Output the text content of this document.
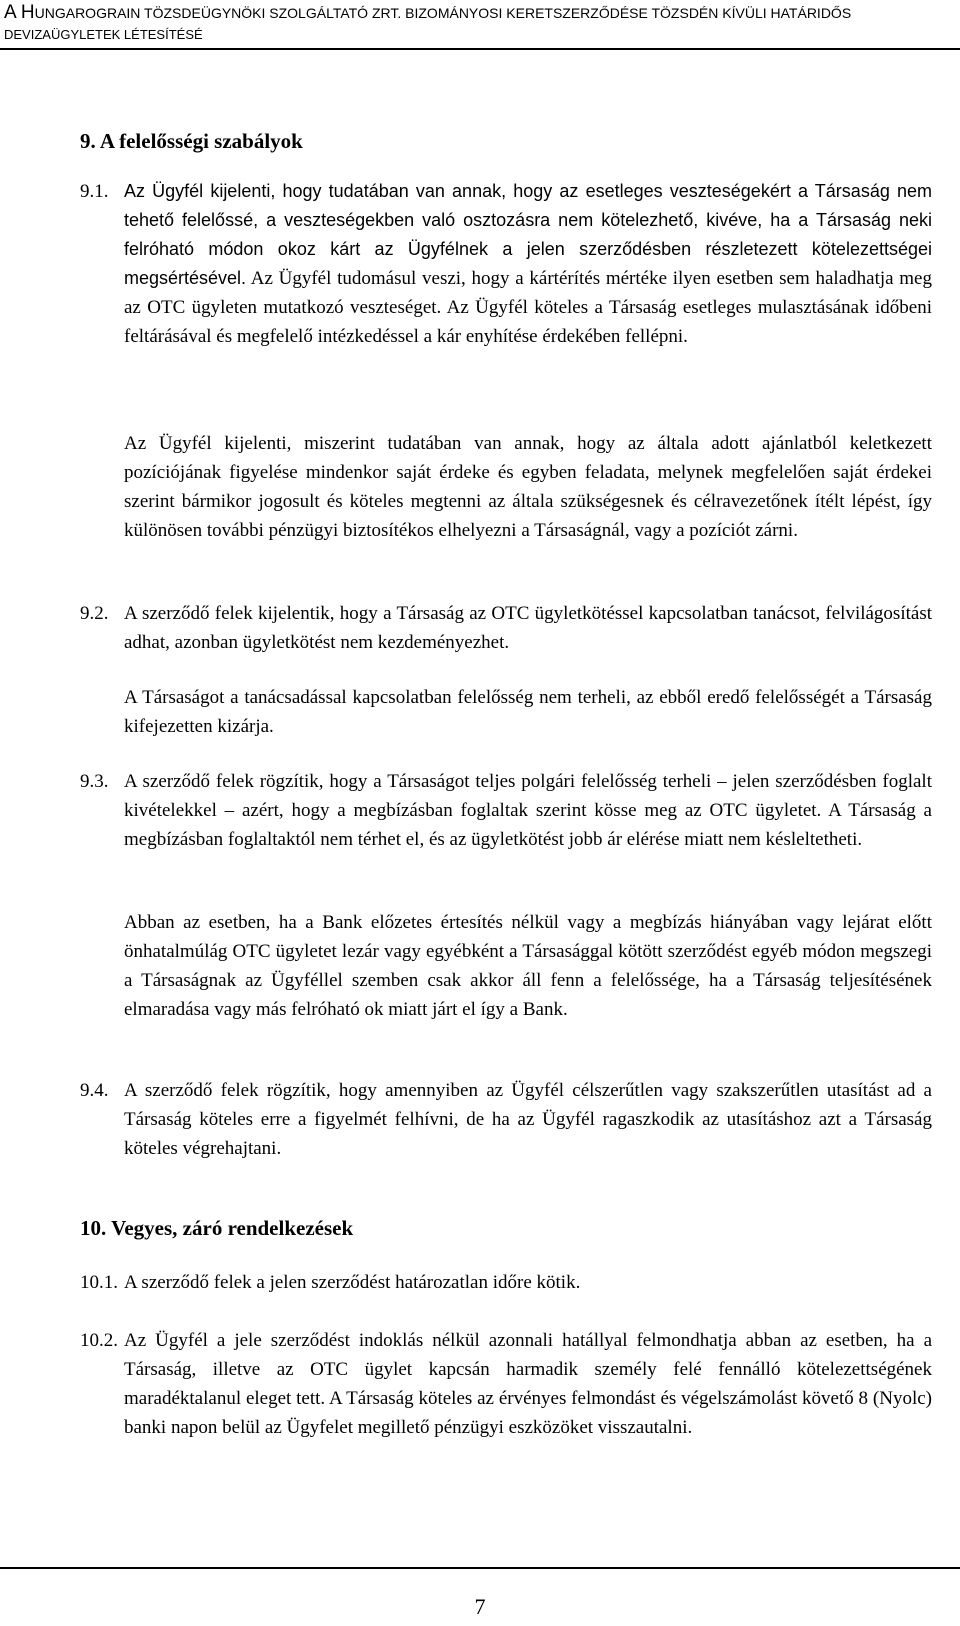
A HUNGAROGRAIN TÖZSDEÜGYNÖKI SZOLGÁLTATÓ ZRT. BIZOMÁNYOSI KERETSZERZŐDÉSE TÖZSDÉN KÍVÜLI HATÁRIDŐS
DEVIZAÜGYLETEK LÉTESÍTÉSÉ
9. A felelősségi szabályok
9.1. Az Ügyfél kijelenti, hogy tudatában van annak, hogy az esetleges veszteségekért a Társaság nem tehető felelőssé, a veszteségekben való osztozásra nem kötelezhető, kivéve, ha a Társaság neki felróható módon okoz kárt az Ügyfélnek a jelen szerződésben részletezett kötelezettségei megsértésével. Az Ügyfél tudomásul veszi, hogy a kártérítés mértéke ilyen esetben sem haladhatja meg az OTC ügyleten mutatkozó veszteséget. Az Ügyfél köteles a Társaság esetleges mulasztásának időbeni feltárásával és megfelelő intézkedéssel a kár enyhítése érdekében fellépni.
Az Ügyfél kijelenti, miszerint tudatában van annak, hogy az általa adott ajánlatból keletkezett pozíciójának figyelése mindenkor saját érdeke és egyben feladata, melynek megfelelően saját érdekei szerint bármikor jogosult és köteles megtenni az általa szükségesnek és célravezetőnek ítélt lépést, így különösen további pénzügyi biztosítékos elhelyezni a Társaságnál, vagy a pozíciót zárni.
9.2. A szerződő felek kijelentik, hogy a Társaság az OTC ügyletkötéssel kapcsolatban tanácsot, felvilágosítást adhat, azonban ügyletkötést nem kezdeményezhet.
A Társaságot a tanácsadással kapcsolatban felelősség nem terheli, az ebből eredő felelősségét a Társaság kifejezetten kizárja.
9.3. A szerződő felek rögzítik, hogy a Társaságot teljes polgári felelősség terheli – jelen szerződésben foglalt kivételekkel – azért, hogy a megbízásban foglaltak szerint kösse meg az OTC ügyletet. A Társaság a megbízásban foglaltaktól nem térhet el, és az ügyletkötést jobb ár elérése miatt nem késleltetheti.
Abban az esetben, ha a Bank előzetes értesítés nélkül vagy a megbízás hiányában vagy lejárat előtt önhatalmúlág OTC ügyletet lezár vagy egyébként a Társasággal kötött szerződést egyéb módon megszegi a Társaságnak az Ügyféllel szemben csak akkor áll fenn a felelőssége, ha a Társaság teljesítésének elmaradása vagy más felróható ok miatt járt el így a Bank.
9.4. A szerződő felek rögzítik, hogy amennyiben az Ügyfél célszerűtlen vagy szakszerűtlen utasítást ad a Társaság köteles erre a figyelmét felhívni, de ha az Ügyfél ragaszkodik az utasításhoz azt a Társaság köteles végrehajtani.
10. Vegyes, záró rendelkezések
10.1. A szerződő felek a jelen szerződést határozatlan időre kötik.
10.2. Az Ügyfél a jele szerződést indoklás nélkül azonnali hatállyal felmondhatja abban az esetben, ha a Társaság, illetve az OTC ügylet kapcsán harmadik személy felé fennálló kötelezettségének maradéktalanul eleget tett. A Társaság köteles az érvényes felmondást és végelszámolást követő 8 (Nyolc) banki napon belül az Ügyfelet megillető pénzügyi eszközöket visszautalni.
7
